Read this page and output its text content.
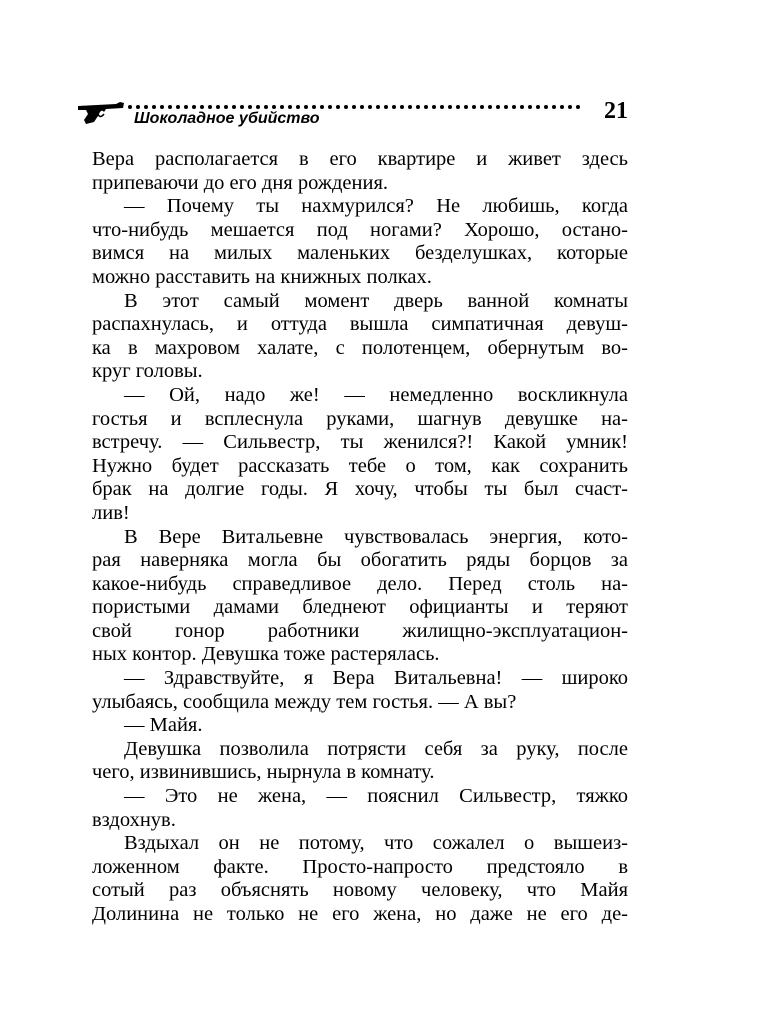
Шоколадное убийство	21
Вера располагается в его квартире и живет здесь
припеваючи до его дня рождения.
— Почему ты нахмурился? Не любишь, когда
что-нибудь мешается под ногами? Хорошо, остано-
вимся на милых маленьких безделушках, которые
можно расставить на книжных полках.
В этот самый момент дверь ванной комнаты
распахнулась, и оттуда вышла симпатичная девуш-
ка в махровом халате, с полотенцем, обернутым во-
круг головы.
— Ой, надо же! — немедленно воскликнула
гостья и всплеснула руками, шагнув девушке на-
встречу. — Сильвестр, ты женился?! Какой умник!
Нужно будет рассказать тебе о том, как сохранить
брак на долгие годы. Я хочу, чтобы ты был счаст-
лив!
В Вере Витальевне чувствовалась энергия, кото-
рая наверняка могла бы обогатить ряды борцов за
какое-нибудь справедливое дело. Перед столь на-
пористыми дамами бледнеют официанты и теряют
свой гонор работники жилищно-эксплуатацион-
ных контор. Девушка тоже растерялась.
— Здравствуйте, я Вера Витальевна! — широко
улыбаясь, сообщила между тем гостья. — А вы?
— Майя.
Девушка позволила потрясти себя за руку, после
чего, извинившись, нырнула в комнату.
— Это не жена, — пояснил Сильвестр, тяжко
вздохнув.
Вздыхал он не потому, что сожалел о вышеиз-
ложенном факте. Просто-напросто предстояло в
сотый раз объяснять новому человеку, что Майя
Долинина не только не его жена, но даже не его де-
